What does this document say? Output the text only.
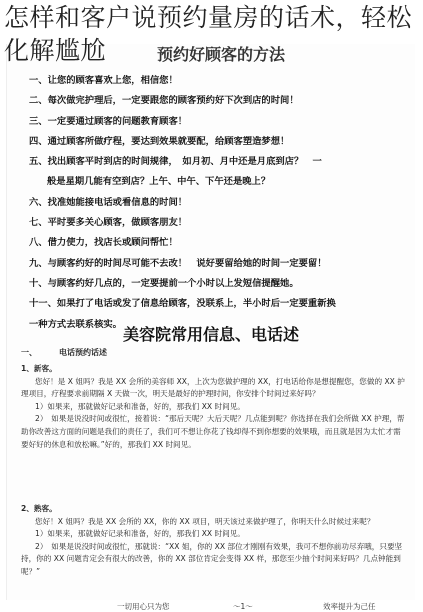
预约好顾客的方法
一、让您的顾客喜欢上您，相信您！
二、每次做完护理后，一定要跟您的顾客预约好下次到店的时间！
三、一定要通过顾客的问题教育顾客！
四、通过顾客所做疗程，要达到效果就要配，给顾客塑造梦想！
五、找出顾客平时到店的时间规律，　如月初、月中还是月底到店？　一
般是星期几能有空到店？上午、中午、下午还是晚上？
六、找准她能接电话或看信息的时间！
七、平时要多关心顾客，做顾客朋友！
八、借力使力，找店长或顾问帮忙！
九、与顾客约好的时间尽可能不去改！　说好要留给她的时间一定要留！
十、与顾客约好几点的，一定要提前一个小时以上发短信提醒她。
十一、如果打了电话或发了信息给顾客，没联系上，半小时后一定要重新换
一种方式去联系核实。
美容院常用信息、电话述
一、	电话预约话述

1、新客。

您好！是 X 姐吗？我是 XX 会所的美容师 XX，上次为您做护理的 XX，打电话给你是想提醒您，您做的 XX 护理项目，疗程要求前期隔 X 天做一次，明天是最好的护理时间，你安排个时间过来好吗？

1）如果来，那就做好记录和准备，好的，那我们 XX 时间见。

2）　如果是说没时间或很忙，接着说：“那后天呢？大后天呢？几点能到呢？你选择在我们会所做 XX 护理，帮助你改善这方面的问题是我们的责任了，我们可不想让你花了钱却得不到你想要的效果哦，而且就是因为太忙才需要好好的休息和放松嘛。”好的，那我们 XX 时间见。

2、熟客。

您好！X 姐吗？我是 XX 会所的 XX，你的 XX 项目，明天该过来做护理了，你明天什么时候过来呢？

1）如果来，那就做好记录和准备，好的，那我们 XX 时间见。

2）　如果是说没时间或很忙，那就说：“XX 姐，你的 XX 部位才刚刚有效果，我可不想你前功尽弃哦，只要坚持，你的 XX 问题肯定会有很大的改善，你的 XX 部位肯定会变得 XX 样，那您至少抽个时间来好吗？几点钟能到呢？”

一切用心只为您	～1～	效率提升为己任
怎样和客户说预约量房的话术，轻松
化解尴尬
